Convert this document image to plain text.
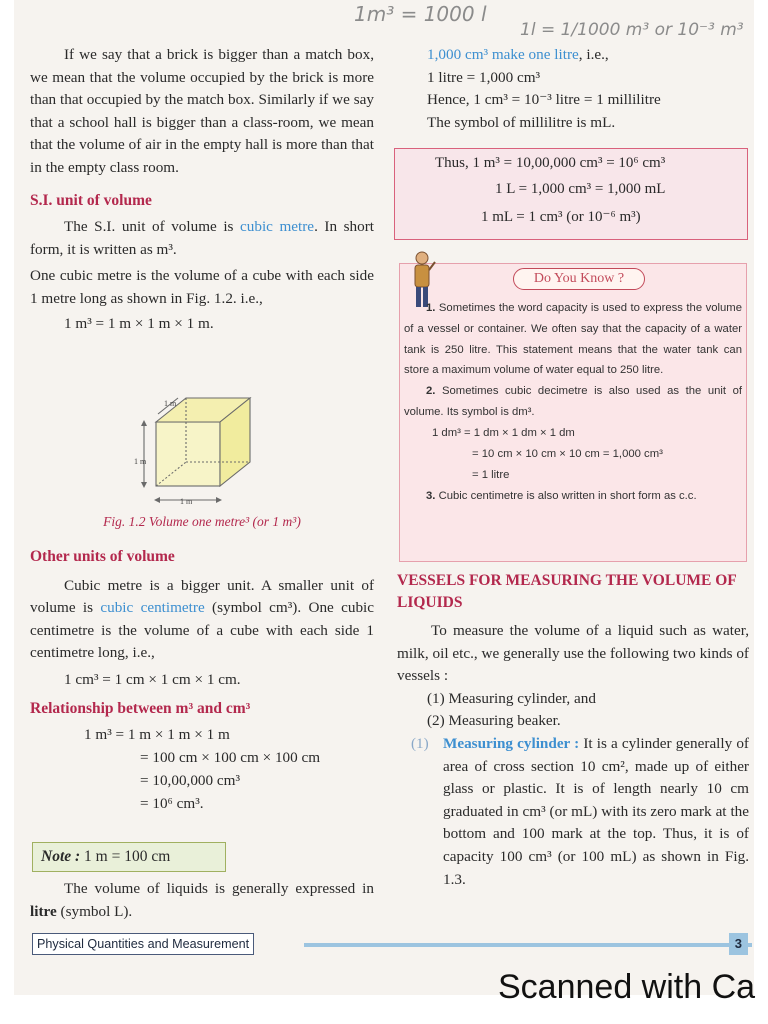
1m³ = 1000 l
1l = 1/1000 m³ or 10⁻³ m³

If we say that a brick is bigger than a match box, we mean that the volume occupied by the brick is more than that occupied by the match box. Similarly if we say that a school hall is bigger than a class-room, we mean that the volume of air in the empty hall is more than that in the empty class room.

S.I. unit of volume

The S.I. unit of volume is cubic metre. In short form, it is written as m³.

One cubic metre is the volume of a cube with each side 1 metre long as shown in Fig. 1.2. i.e.,

1 m³ = 1 m × 1 m × 1 m.

1 m
1 m
1 m
Fig. 1.2 Volume one metre³ (or 1 m³)

Other units of volume

Cubic metre is a bigger unit. A smaller unit of volume is cubic centimetre (symbol cm³). One cubic centimetre is the volume of a cube with each side 1 centimetre long, i.e.,

1 cm³ = 1 cm × 1 cm × 1 cm.

Relationship between m³ and cm³

1 m³ = 1 m × 1 m × 1 m
= 100 cm × 100 cm × 100 cm
= 10,00,000 cm³
= 10⁶ cm³.
Note : 1 m = 100 cm

The volume of liquids is generally expressed in litre (symbol L).

1,000 cm³ make one litre, i.e.,

1 litre = 1,000 cm³

Hence, 1 cm³ = 10⁻³ litre = 1 millilitre

The symbol of millilitre is mL.

Thus, 1 m³ = 10,00,000 cm³ = 10⁶ cm³
1 L = 1,000 cm³ = 1,000 mL
1 mL = 1 cm³ (or 10⁻⁶ m³)
Do You Know ?

1. Sometimes the word capacity is used to express the volume of a vessel or container. We often say that the capacity of a water tank is 250 litre. This statement means that the water tank can store a maximum volume of water equal to 250 litre.

2. Sometimes cubic decimetre is also used as the unit of volume. Its symbol is dm³.

1 dm³ = 1 dm × 1 dm × 1 dm
= 10 cm × 10 cm × 10 cm = 1,000 cm³
= 1 litre

3. Cubic centimetre is also written in short form as c.c.

VESSELS FOR MEASURING THE VOLUME OF LIQUIDS

To measure the volume of a liquid such as water, milk, oil etc., we generally use the following two kinds of vessels :

(1) Measuring cylinder, and

(2) Measuring beaker.

(1) Measuring cylinder : It is a cylinder generally of area of cross section 10 cm², made up of either glass or plastic. It is of length nearly 10 cm graduated in cm³ (or mL) with its zero mark at the bottom and 100 mark at the top. Thus, it is of capacity 100 cm³ (or 100 mL) as shown in Fig. 1.3.
Physical Quantities and Measurement	3
Scanned with Ca
